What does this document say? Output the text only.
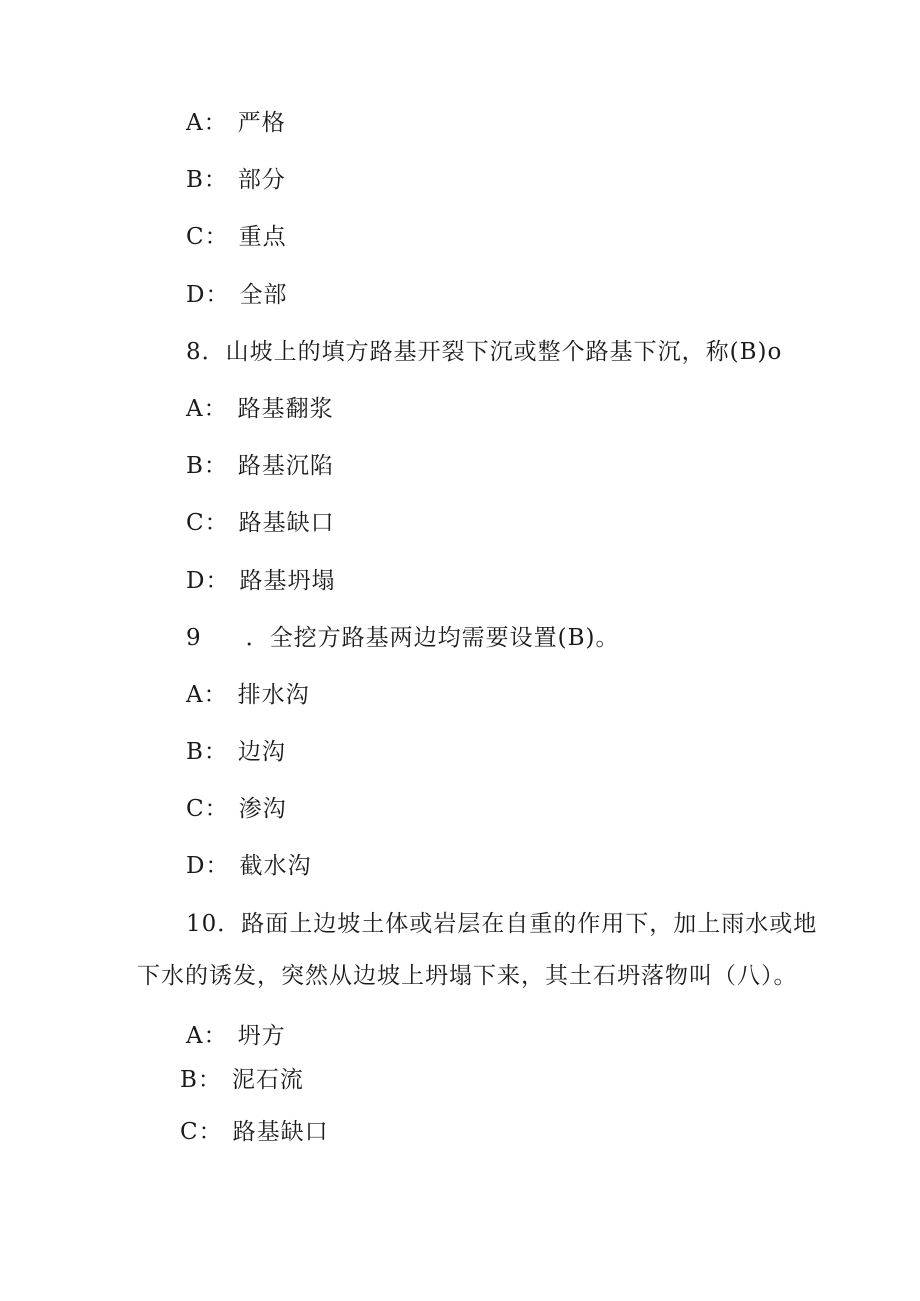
A： 严格
B： 部分
C： 重点
D： 全部
8．山坡上的填方路基开裂下沉或整个路基下沉，称(B)o
A： 路基翻浆
B： 路基沉陷
C： 路基缺口
D： 路基坍塌
9 ．全挖方路基两边均需要设置(B)。
A： 排水沟
B： 边沟
C： 渗沟
D： 截水沟
10．路面上边坡土体或岩层在自重的作用下，加上雨水或地
下水的诱发，突然从边坡上坍塌下来，其土石坍落物叫（八）。
A： 坍方
B： 泥石流
C： 路基缺口
